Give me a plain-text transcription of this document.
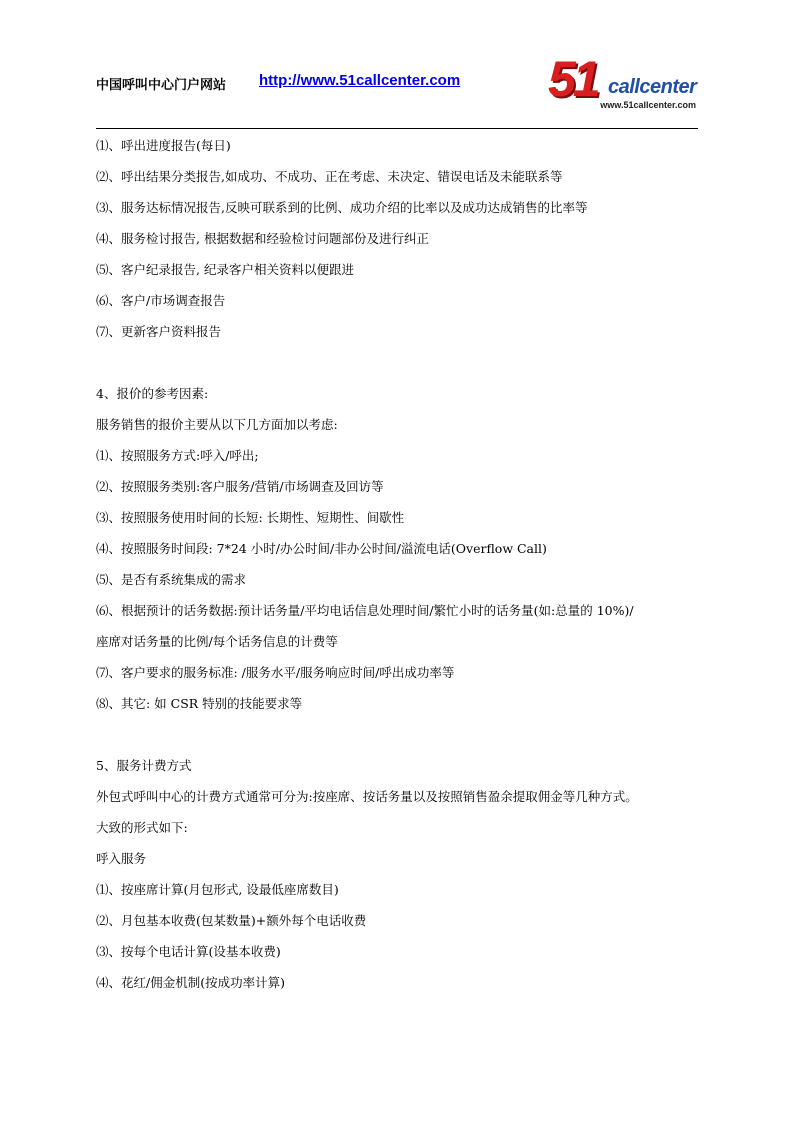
中国呼叫中心门户网站 http://www.51callcenter.com 51 callcenter
www.51callcenter.com
⑴、呼出进度报告(每日)
⑵、呼出结果分类报告,如成功、不成功、正在考虑、未决定、错误电话及未能联系等
⑶、服务达标情况报告,反映可联系到的比例、成功介绍的比率以及成功达成销售的比率等
⑷、服务检讨报告, 根据数据和经验检讨问题部份及进行纠正
⑸、客户纪录报告, 纪录客户相关资料以便跟进
⑹、客户/市场调查报告
⑺、更新客户资料报告
4、报价的参考因素:
服务销售的报价主要从以下几方面加以考虑:
⑴、按照服务方式:呼入/呼出;
⑵、按照服务类别:客户服务/营销/市场调查及回访等
⑶、按照服务使用时间的长短: 长期性、短期性、间歇性
⑷、按照服务时间段: 7*24 小时/办公时间/非办公时间/溢流电话(Overflow Call)
⑸、是否有系统集成的需求
⑹、根据预计的话务数据:预计话务量/平均电话信息处理时间/繁忙小时的话务量(如:总量的 10%)/
座席对话务量的比例/每个话务信息的计费等
⑺、客户要求的服务标准: /服务水平/服务响应时间/呼出成功率等
⑻、其它: 如 CSR 特别的技能要求等
5、服务计费方式
外包式呼叫中心的计费方式通常可分为:按座席、按话务量以及按照销售盈余提取佣金等几种方式。
大致的形式如下:
呼入服务
⑴、按座席计算(月包形式, 设最低座席数目)
⑵、月包基本收费(包某数量)+额外每个电话收费
⑶、按每个电话计算(设基本收费)
⑷、花红/佣金机制(按成功率计算)
